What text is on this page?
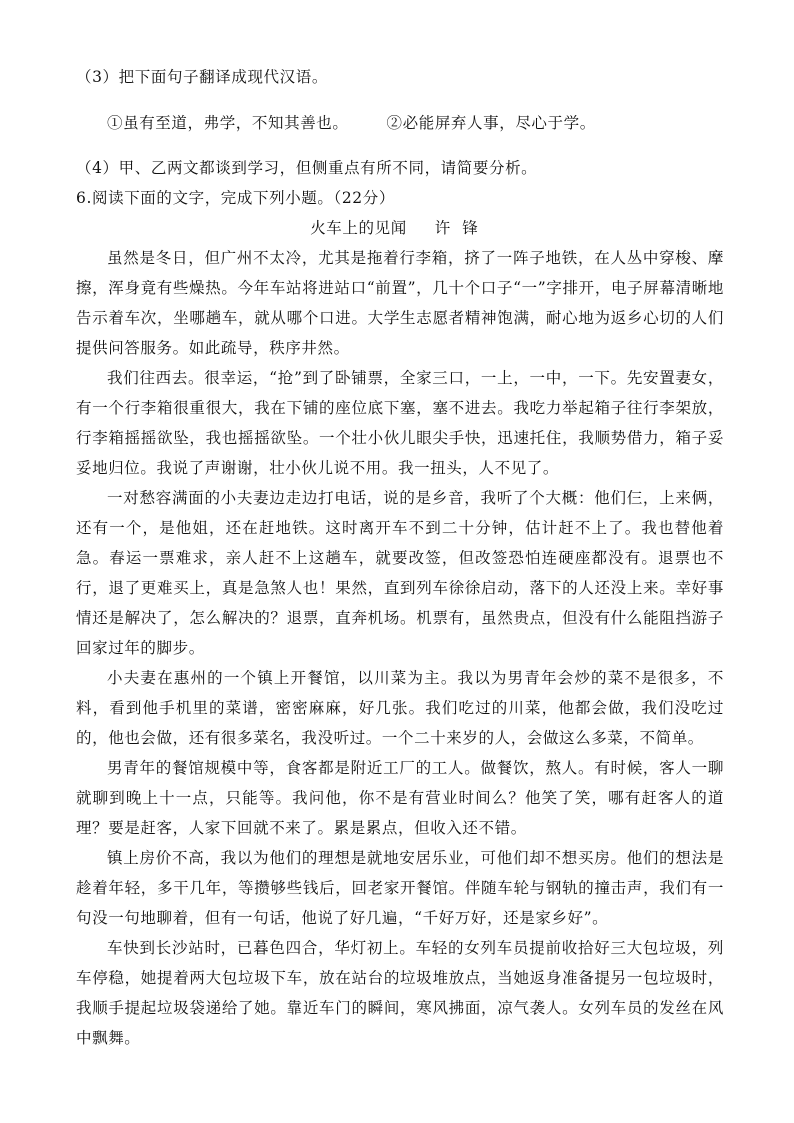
（3）把下面句子翻译成现代汉语。

①虽有至道，弗学，不知其善也。 ②必能屏弃人事，尽心于学。

（4）甲、乙两文都谈到学习，但侧重点有所不同，请简要分析。

6.阅读下面的文字，完成下列小题。（22分）

火车上的见闻 许锋

虽然是冬日，但广州不太冷，尤其是拖着行李箱，挤了一阵子地铁，在人丛中穿梭、摩擦，浑身竟有些燥热。今年车站将进站口“前置”，几十个口子“一”字排开，电子屏幕清晰地告示着车次，坐哪趟车，就从哪个口进。大学生志愿者精神饱满，耐心地为返乡心切的人们提供问答服务。如此疏导，秩序井然。

我们往西去。很幸运，“抢”到了卧铺票，全家三口，一上，一中，一下。先安置妻女，有一个行李箱很重很大，我在下铺的座位底下塞，塞不进去。我吃力举起箱子往行李架放，行李箱摇摇欲坠，我也摇摇欲坠。一个壮小伙儿眼尖手快，迅速托住，我顺势借力，箱子妥妥地归位。我说了声谢谢，壮小伙儿说不用。我一扭头，人不见了。

一对愁容满面的小夫妻边走边打电话，说的是乡音，我听了个大概：他们仨，上来俩，还有一个，是他姐，还在赶地铁。这时离开车不到二十分钟，估计赶不上了。我也替他着急。春运一票难求，亲人赶不上这趟车，就要改签，但改签恐怕连硬座都没有。退票也不行，退了更难买上，真是急煞人也！果然，直到列车徐徐启动，落下的人还没上来。幸好事情还是解决了，怎么解决的？退票，直奔机场。机票有，虽然贵点，但没有什么能阻挡游子回家过年的脚步。

小夫妻在惠州的一个镇上开餐馆，以川菜为主。我以为男青年会炒的菜不是很多，不料，看到他手机里的菜谱，密密麻麻，好几张。我们吃过的川菜，他都会做，我们没吃过的，他也会做，还有很多菜名，我没听过。一个二十来岁的人，会做这么多菜，不简单。

男青年的餐馆规模中等，食客都是附近工厂的工人。做餐饮，熬人。有时候，客人一聊就聊到晚上十一点，只能等。我问他，你不是有营业时间么？他笑了笑，哪有赶客人的道理？要是赶客，人家下回就不来了。累是累点，但收入还不错。

镇上房价不高，我以为他们的理想是就地安居乐业，可他们却不想买房。他们的想法是趁着年轻，多干几年，等攒够些钱后，回老家开餐馆。伴随车轮与钢轨的撞击声，我们有一句没一句地聊着，但有一句话，他说了好几遍，“千好万好，还是家乡好”。

车快到长沙站时，已暮色四合，华灯初上。车轻的女列车员提前收拾好三大包垃圾，列车停稳，她提着两大包垃圾下车，放在站台的垃圾堆放点，当她返身准备提另一包垃圾时，我顺手提起垃圾袋递给了她。靠近车门的瞬间，寒风拂面，凉气袭人。女列车员的发丝在风中飘舞。
